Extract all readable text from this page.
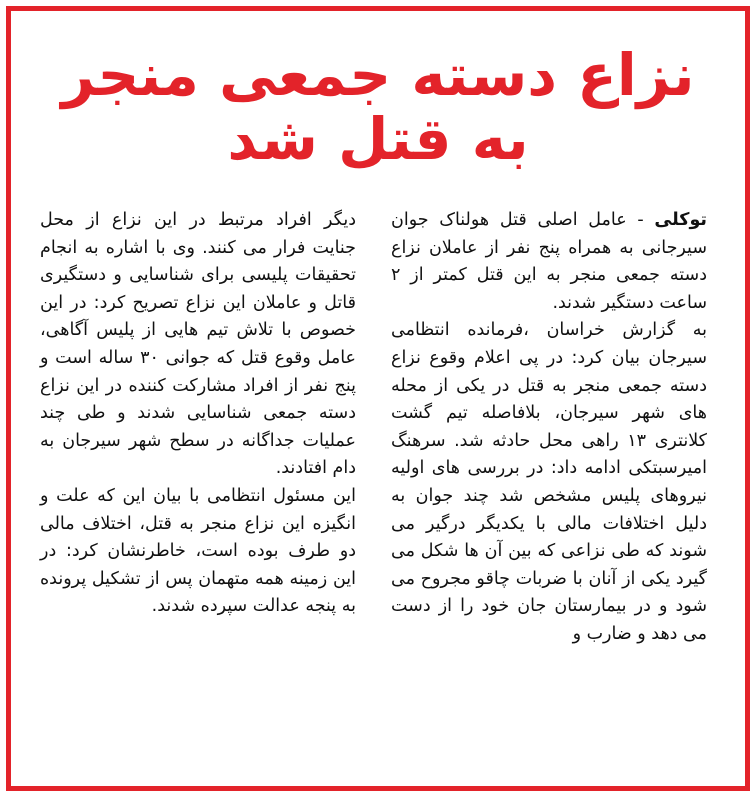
نزاع دسته جمعی منجر
به قتل شد

توکلی - عامل اصلی قتل هولناک جوان سیرجانی به همراه پنج نفر از عاملان نزاع دسته جمعی منجر به این قتل کمتر از ۲ ساعت دستگیر شدند.

به گزارش خراسان ،فرمانده انتظامی سیرجان بیان کرد: در پی اعلام وقوع نزاع دسته جمعی منجر به قتل در یکی از محله های شهر سیرجان، بلافاصله تیم گشت کلانتری ۱۳ راهی محل حادثه شد. سرهنگ امیرسبتکی ادامه داد: در بررسی های اولیه نیروهای پلیس مشخص شد چند جوان به دلیل اختلافات مالی با یکدیگر درگیر می شوند که طی نزاعی که بین آن ها شکل می گیرد یکی از آنان با ضربات چاقو مجروح می شود و در بیمارستان جان خود را از دست می دهد و ضارب و

دیگر افراد مرتبط در این نزاع از محل جنایت فرار می کنند. وی با اشاره به انجام تحقیقات پلیسی برای شناسایی و دستگیری قاتل و عاملان این نزاع تصریح کرد: در این خصوص با تلاش تیم هایی از پلیس آگاهی، عامل وقوع قتل که جوانی ۳۰ ساله است و پنج نفر از افراد مشارکت کننده در این نزاع دسته جمعی شناسایی شدند و طی چند عملیات جداگانه در سطح شهر سیرجان به دام افتادند.

این مسئول انتظامی با بیان این که علت و انگیزه این نزاع منجر به قتل، اختلاف مالی دو طرف بوده است، خاطرنشان کرد: در این زمینه همه متهمان پس از تشکیل پرونده به پنجه عدالت سپرده شدند.
